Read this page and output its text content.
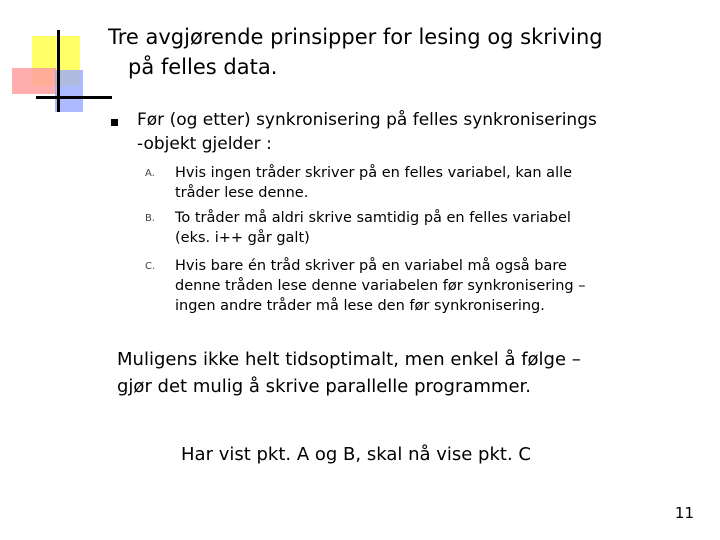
Tre avgjørende prinsipper for lesing og skriving
på felles data.
Før (og etter) synkronisering på felles synkroniserings
-objekt gjelder :
A. Hvis ingen tråder skriver på en felles variabel, kan alle
tråder lese denne.
B. To tråder må aldri skrive samtidig på en felles variabel
(eks. i++ går galt)
C. Hvis bare én tråd skriver på en variabel må også bare
denne tråden lese denne variabelen før synkronisering –
ingen andre tråder må lese den før synkronisering.
Muligens ikke helt tidsoptimalt, men enkel å følge –
gjør det mulig å skrive parallelle programmer.
Har vist pkt. A og B, skal nå vise pkt. C
11
